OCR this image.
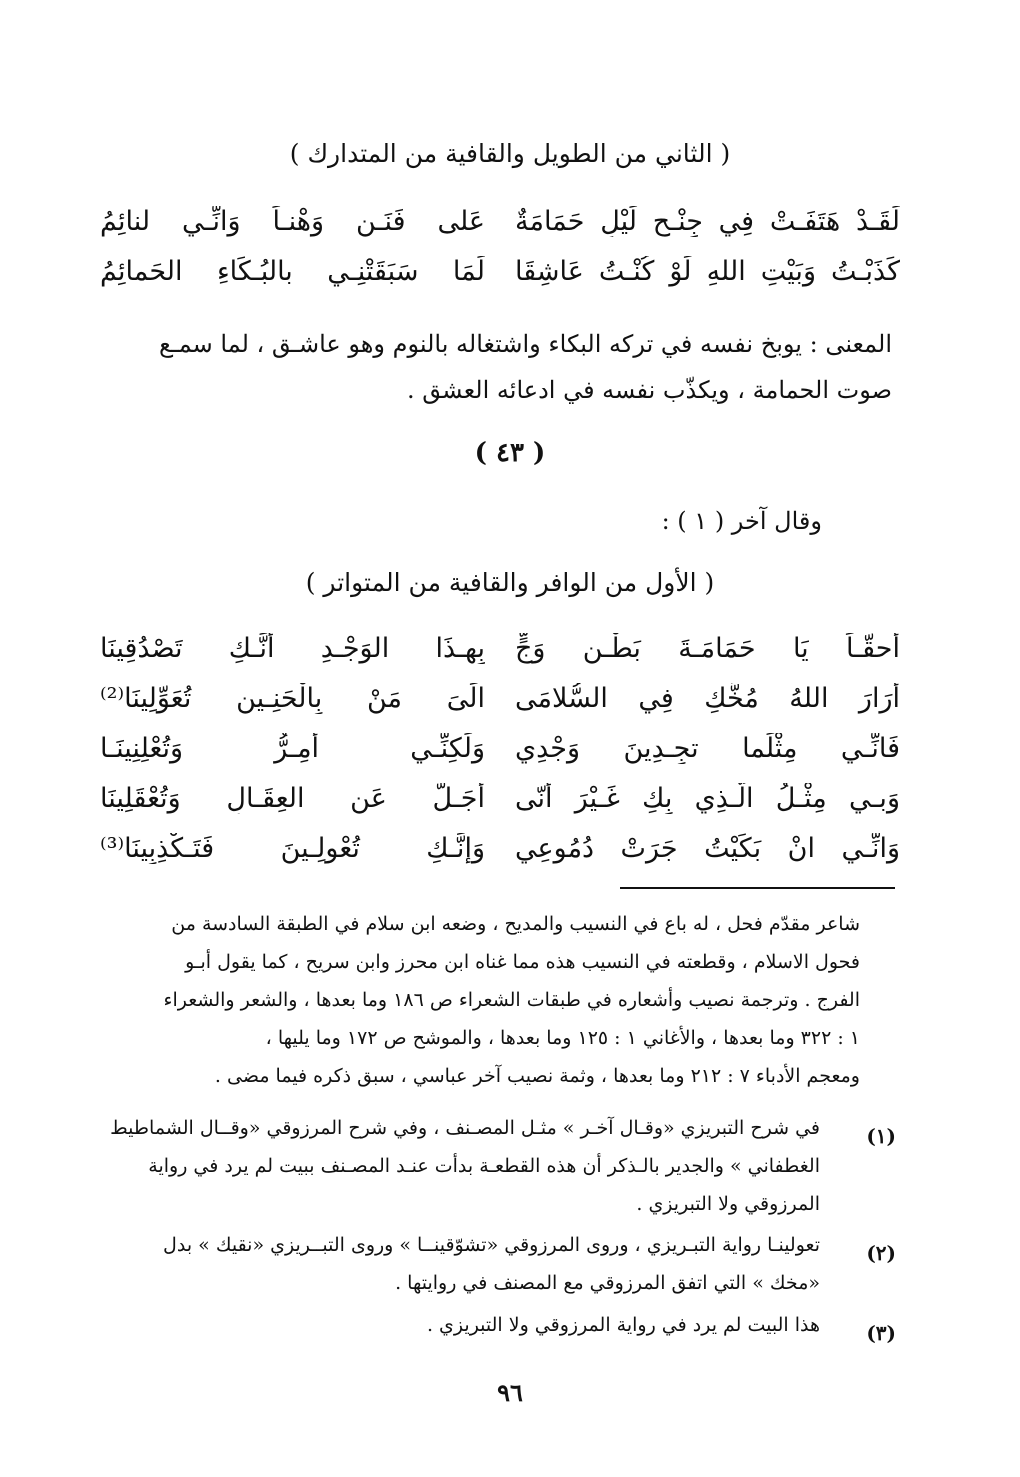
( الثاني من الطويل والقافية من المتدارك )
لَقَـدْ هَتَفَـتْ فِي جِنْـحِ لَيْلٍ حَمَامَةٌ
عَلى فَنَـنٍ وَهْنـاً وَانِّـي لنائِمُ
كَذَبْـتُ وَبَيْتِ اللهِ لَوْ كُنْـتُ عَاشِقَا
لَمَا سَبَقَتْنِـي بالبُـكَاءِ الحَمائِمُ
المعنى : يوبخ نفسه في تركه البكاء واشتغاله بالنوم وهو عاشـق ، لما سمـع
صوت الحمامة ، ويكذّب نفسه في ادعائه العشق .
( ٤٣ )
وقال آخر ( ١ ) :
( الأول من الوافر والقافية من المتواتر )
أَحقّـاً يَا حَمَامَـةَ بَطْـنِ وَجٍّ
بِهـذَا الوَجْـدِ أَنَّـكِ تَصْدُقِينَا
أَرَارَ اللهُ مُخَّكِ فِي السُّلامَى
الَىَ مَنْ بِالْحَنِـينِ تُعَوِّلِينَا⁽²⁾
فَانِّـي مِثْلَما تجِـدِينَ وَجْدِي
وَلَكِنِّـي أُمِـرُّ وَتُعْلِنِينَـا
وَبـيِ مِثْـلُ الَّـذِي بِكِ غَـيْرَ أَنّى
أُجَـلُّ عَنِ العِقَـالِ وَتُعْقَلِينَا
وَانِّـي انْ بَكَيْتُ جَرَتْ دُمُوعِي
وَإنَّـكِ تُعْوِلِـينَ فَتَـكْذِبِينَا⁽³⁾
شاعر مقدّم فحل ، له باع في النسيب والمديح ، وضعه ابن سلام في الطبقة السادسة من
فحول الاسلام ، وقطعته في النسيب هذه مما غناه ابن محرز وابن سريح ، كما يقول أبـو
الفرج . وترجمة نصيب وأشعاره في طبقات الشعراء ص ١٨٦ وما بعدها ، والشعر والشعراء
١ : ٣٢٢ وما بعدها ، والأغاني ١ : ١٢٥ وما بعدها ، والموشح ص ١٧٢ وما يليها ،
ومعجم الأدباء ٧ : ٢١٢ وما بعدها ، وثمة نصيب آخر عباسي ، سبق ذكره فيما مضى .
(١)
في شرح التبريزي «وقـال آخـر » مثـل المصـنف ، وفي شرح المرزوقي «وقــال الشماطيط
الغطفاني » والجدير بالـذكر أن هذه القطعـة بدأت عنـد المصـنف ببيت لم يرد في رواية
المرزوقي ولا التبريزي .
(٢)
تعولينـا رواية التبـريزي ، وروى المرزوقي «تشوّقينــا » وروى التبــريزي «نقيك » بدل
«مخك » التي اتفق المرزوقي مع المصنف في روايتها .
(٣)
هذا البيت لم يرد في رواية المرزوقي ولا التبريزي .
٩٦
